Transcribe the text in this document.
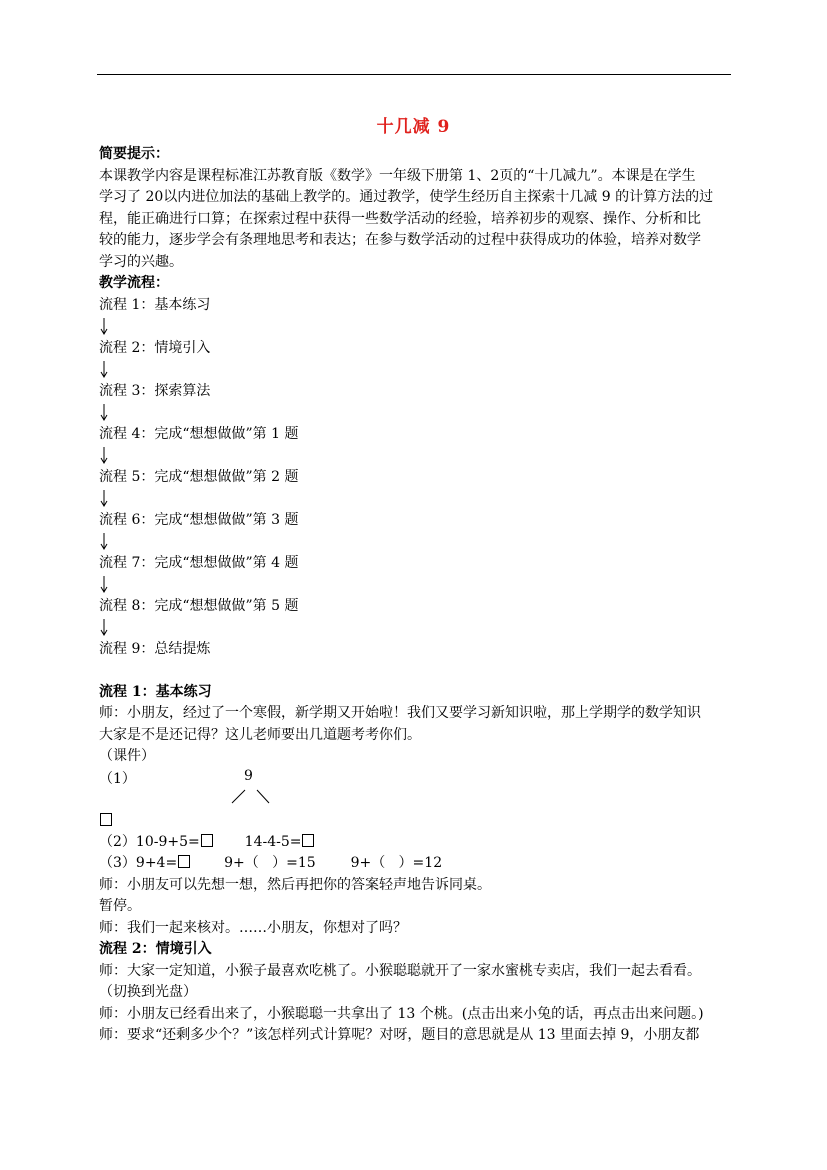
十几减 9
简要提示：
本课教学内容是课程标准江苏教育版《数学》一年级下册第 1、2页的“十几减九”。本课是在学生
学习了 20以内进位加法的基础上教学的。通过教学，使学生经历自主探索十几减 9 的计算方法的过
程，能正确进行口算；在探索过程中获得一些数学活动的经验，培养初步的观察、操作、分析和比
较的能力，逐步学会有条理地思考和表达；在参与数学活动的过程中获得成功的体验，培养对数学
学习的兴趣。
教学流程：
流程 1：基本练习
流程 2：情境引入
流程 3：探索算法
流程 4：完成“想想做做”第 1 题
流程 5：完成“想想做做”第 2 题
流程 6：完成“想想做做”第 3 题
流程 7：完成“想想做做”第 4 题
流程 8：完成“想想做做”第 5 题
流程 9：总结提炼
流程 1：基本练习
师：小朋友，经过了一个寒假，新学期又开始啦！我们又要学习新知识啦，那上学期学的数学知识
大家是不是还记得？这儿老师要出几道题考考你们。
（课件）
（1）	9
（2）10-9+5=	14-4-5=
（3）9+4=	9+（   ）=15 9+（   ）=12
师：小朋友可以先想一想，然后再把你的答案轻声地告诉同桌。
暂停。
师：我们一起来核对。……小朋友，你想对了吗？
流程 2：情境引入
师：大家一定知道，小猴子最喜欢吃桃了。小猴聪聪就开了一家水蜜桃专卖店，我们一起去看看。
（切换到光盘）
师：小朋友已经看出来了，小猴聪聪一共拿出了 13 个桃。(点击出来小兔的话，再点击出来问题。)
师：要求“还剩多少个？”该怎样列式计算呢？对呀，题目的意思就是从 13 里面去掉 9，小朋友都
